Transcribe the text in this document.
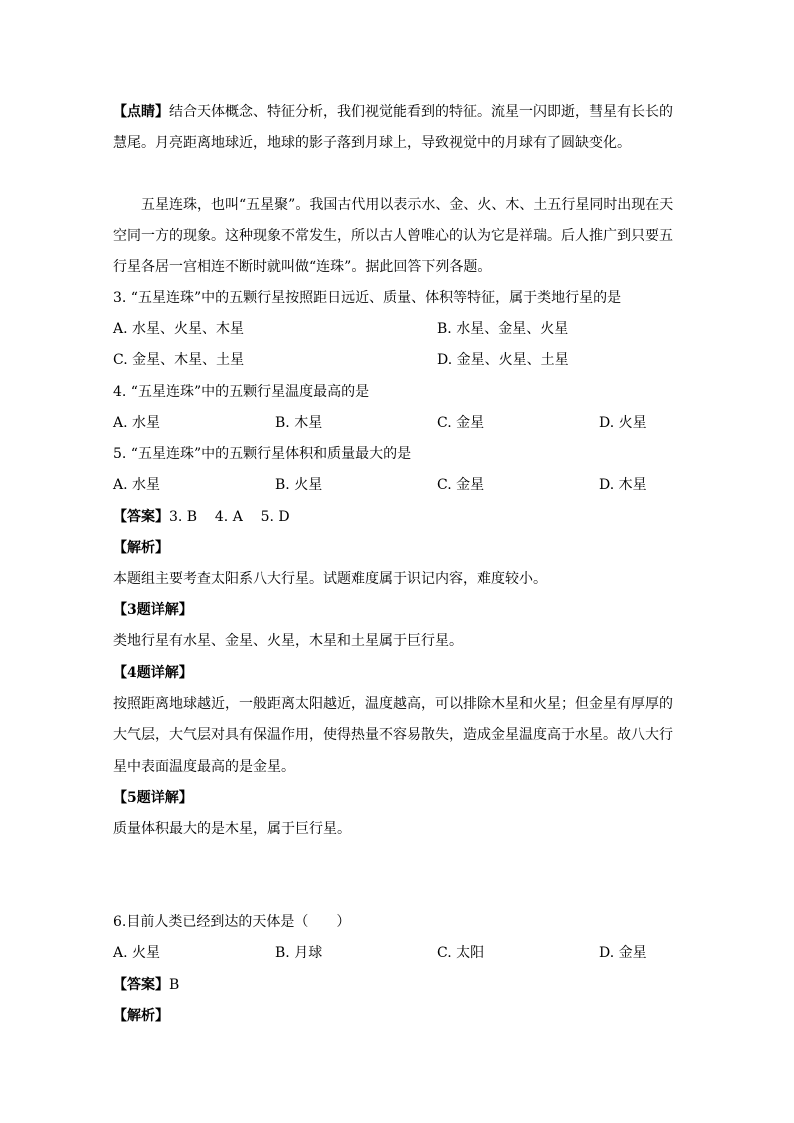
【点睛】结合天体概念、特征分析，我们视觉能看到的特征。流星一闪即逝，彗星有长长的
慧尾。月亮距离地球近，地球的影子落到月球上，导致视觉中的月球有了圆缺变化。
五星连珠，也叫“五星聚”。我国古代用以表示水、金、火、木、土五行星同时出现在天
空同一方的现象。这种现象不常发生，所以古人曾唯心的认为它是祥瑞。后人推广到只要五
行星各居一宫相连不断时就叫做“连珠”。据此回答下列各题。
3. “五星连珠”中的五颗行星按照距日远近、质量、体积等特征，属于类地行星的是
A. 水星、火星、木星	B. 水星、金星、火星
C. 金星、木星、土星	D. 金星、火星、土星
4. “五星连珠”中的五颗行星温度最高的是
A. 水星	B. 木星	C. 金星	D. 火星
5. “五星连珠”中的五颗行星体积和质量最大的是
A. 水星	B. 火星	C. 金星	D. 木星
【答案】3. B    4. A    5. D
【解析】
本题组主要考查太阳系八大行星。试题难度属于识记内容，难度较小。
【3题详解】
类地行星有水星、金星、火星，木星和土星属于巨行星。
【4题详解】
按照距离地球越近，一般距离太阳越近，温度越高，可以排除木星和火星；但金星有厚厚的
大气层，大气层对具有保温作用，使得热量不容易散失，造成金星温度高于水星。故八大行
星中表面温度最高的是金星。
【5题详解】
质量体积最大的是木星，属于巨行星。
6.目前人类已经到达的天体是（　　）
A. 火星	B. 月球	C. 太阳	D. 金星
【答案】B
【解析】
